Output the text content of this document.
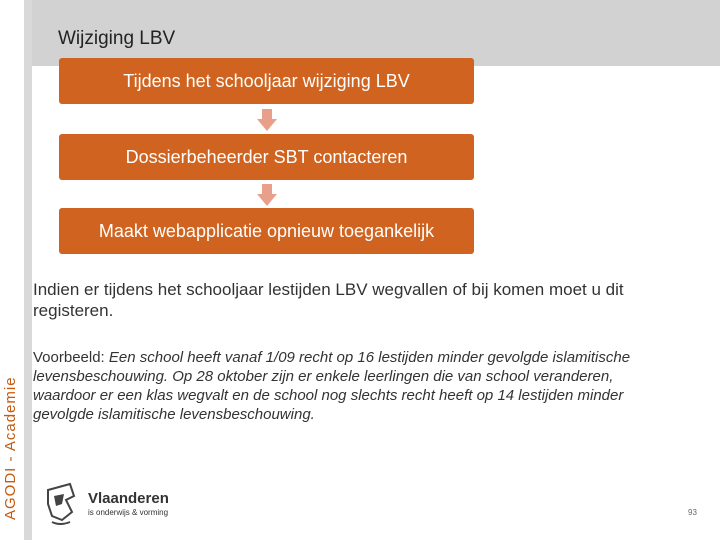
Wijziging LBV
AGODI - Academie
Tijdens het schooljaar wijziging LBV
Dossierbeheerder SBT contacteren
Maakt webapplicatie opnieuw toegankelijk
Indien er tijdens het schooljaar lestijden LBV wegvallen of bij komen moet u dit registeren.
Voorbeeld: Een school heeft vanaf 1/09 recht op 16 lestijden minder gevolgde islamitische levensbeschouwing. Op 28 oktober zijn er enkele leerlingen die van school veranderen, waardoor er een klas wegvalt en de school nog slechts recht heeft op 14 lestijden minder gevolgde islamitische levensbeschouwing.
Vlaanderen
is onderwijs & vorming	93
